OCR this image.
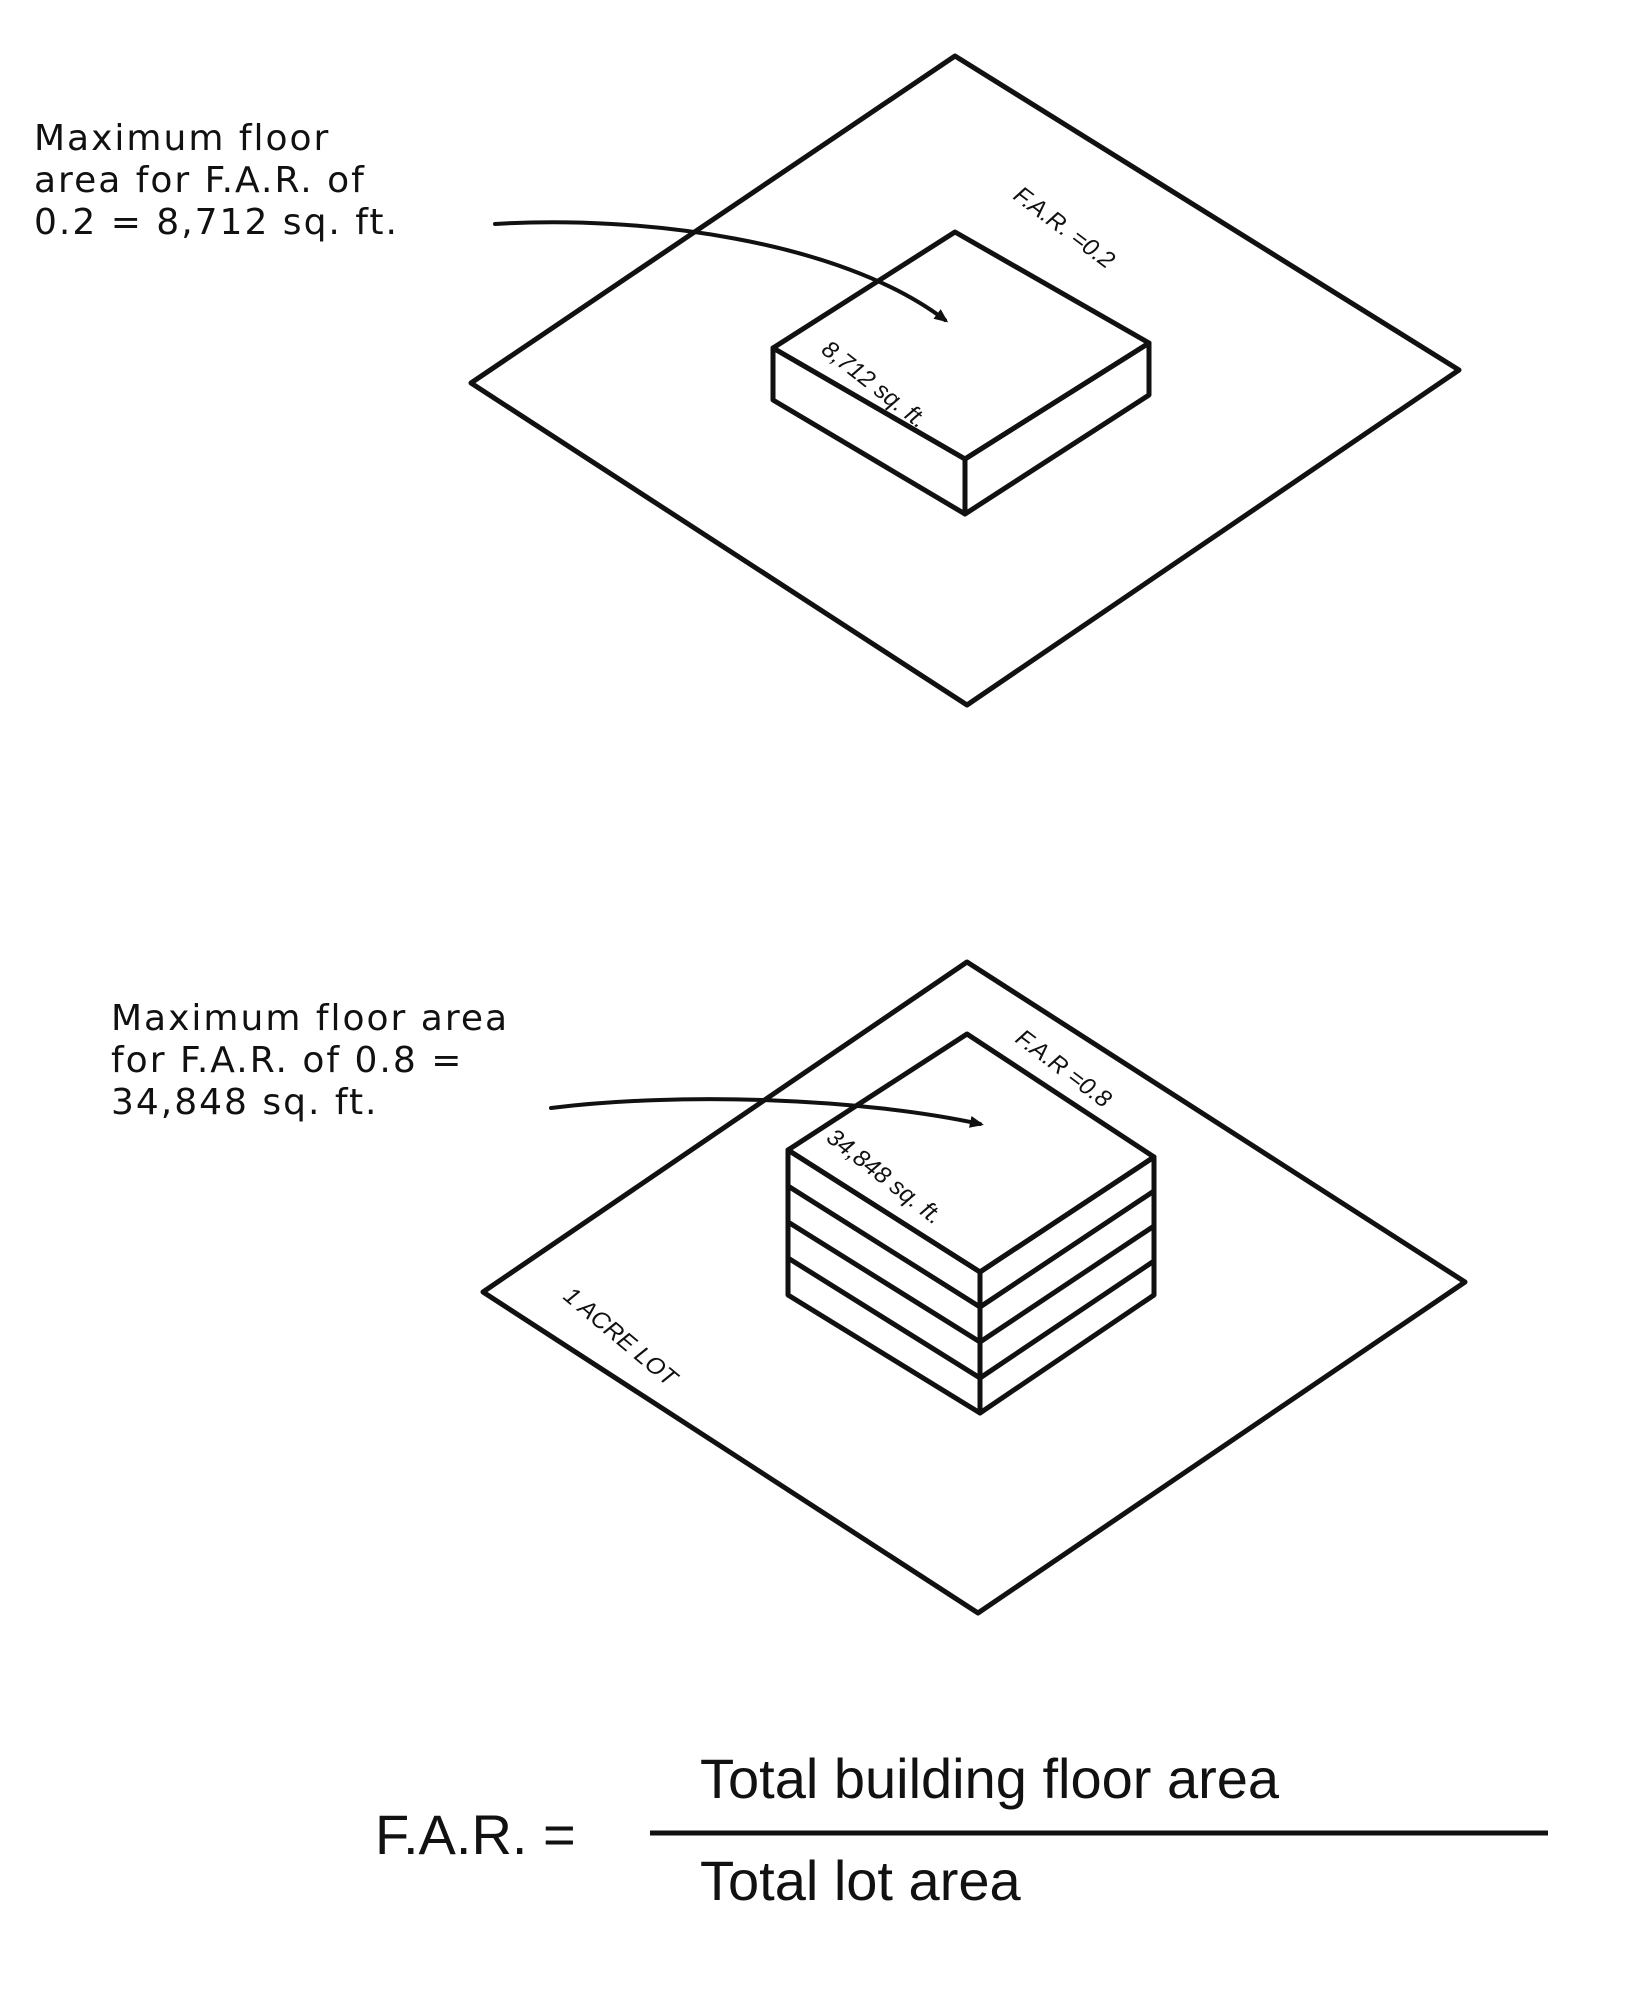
F.A.R. =0.2
8,712 sq. ft.
F.A.R =0.8
34,848 sq. ft.
1 ACRE LOT

Maximum floor
area for F.A.R. of
0.2 = 8,712 sq. ft.

Maximum floor area
for F.A.R. of 0.8 =
34,848 sq. ft.

F.A.R. =
Total building floor area
Total lot area
